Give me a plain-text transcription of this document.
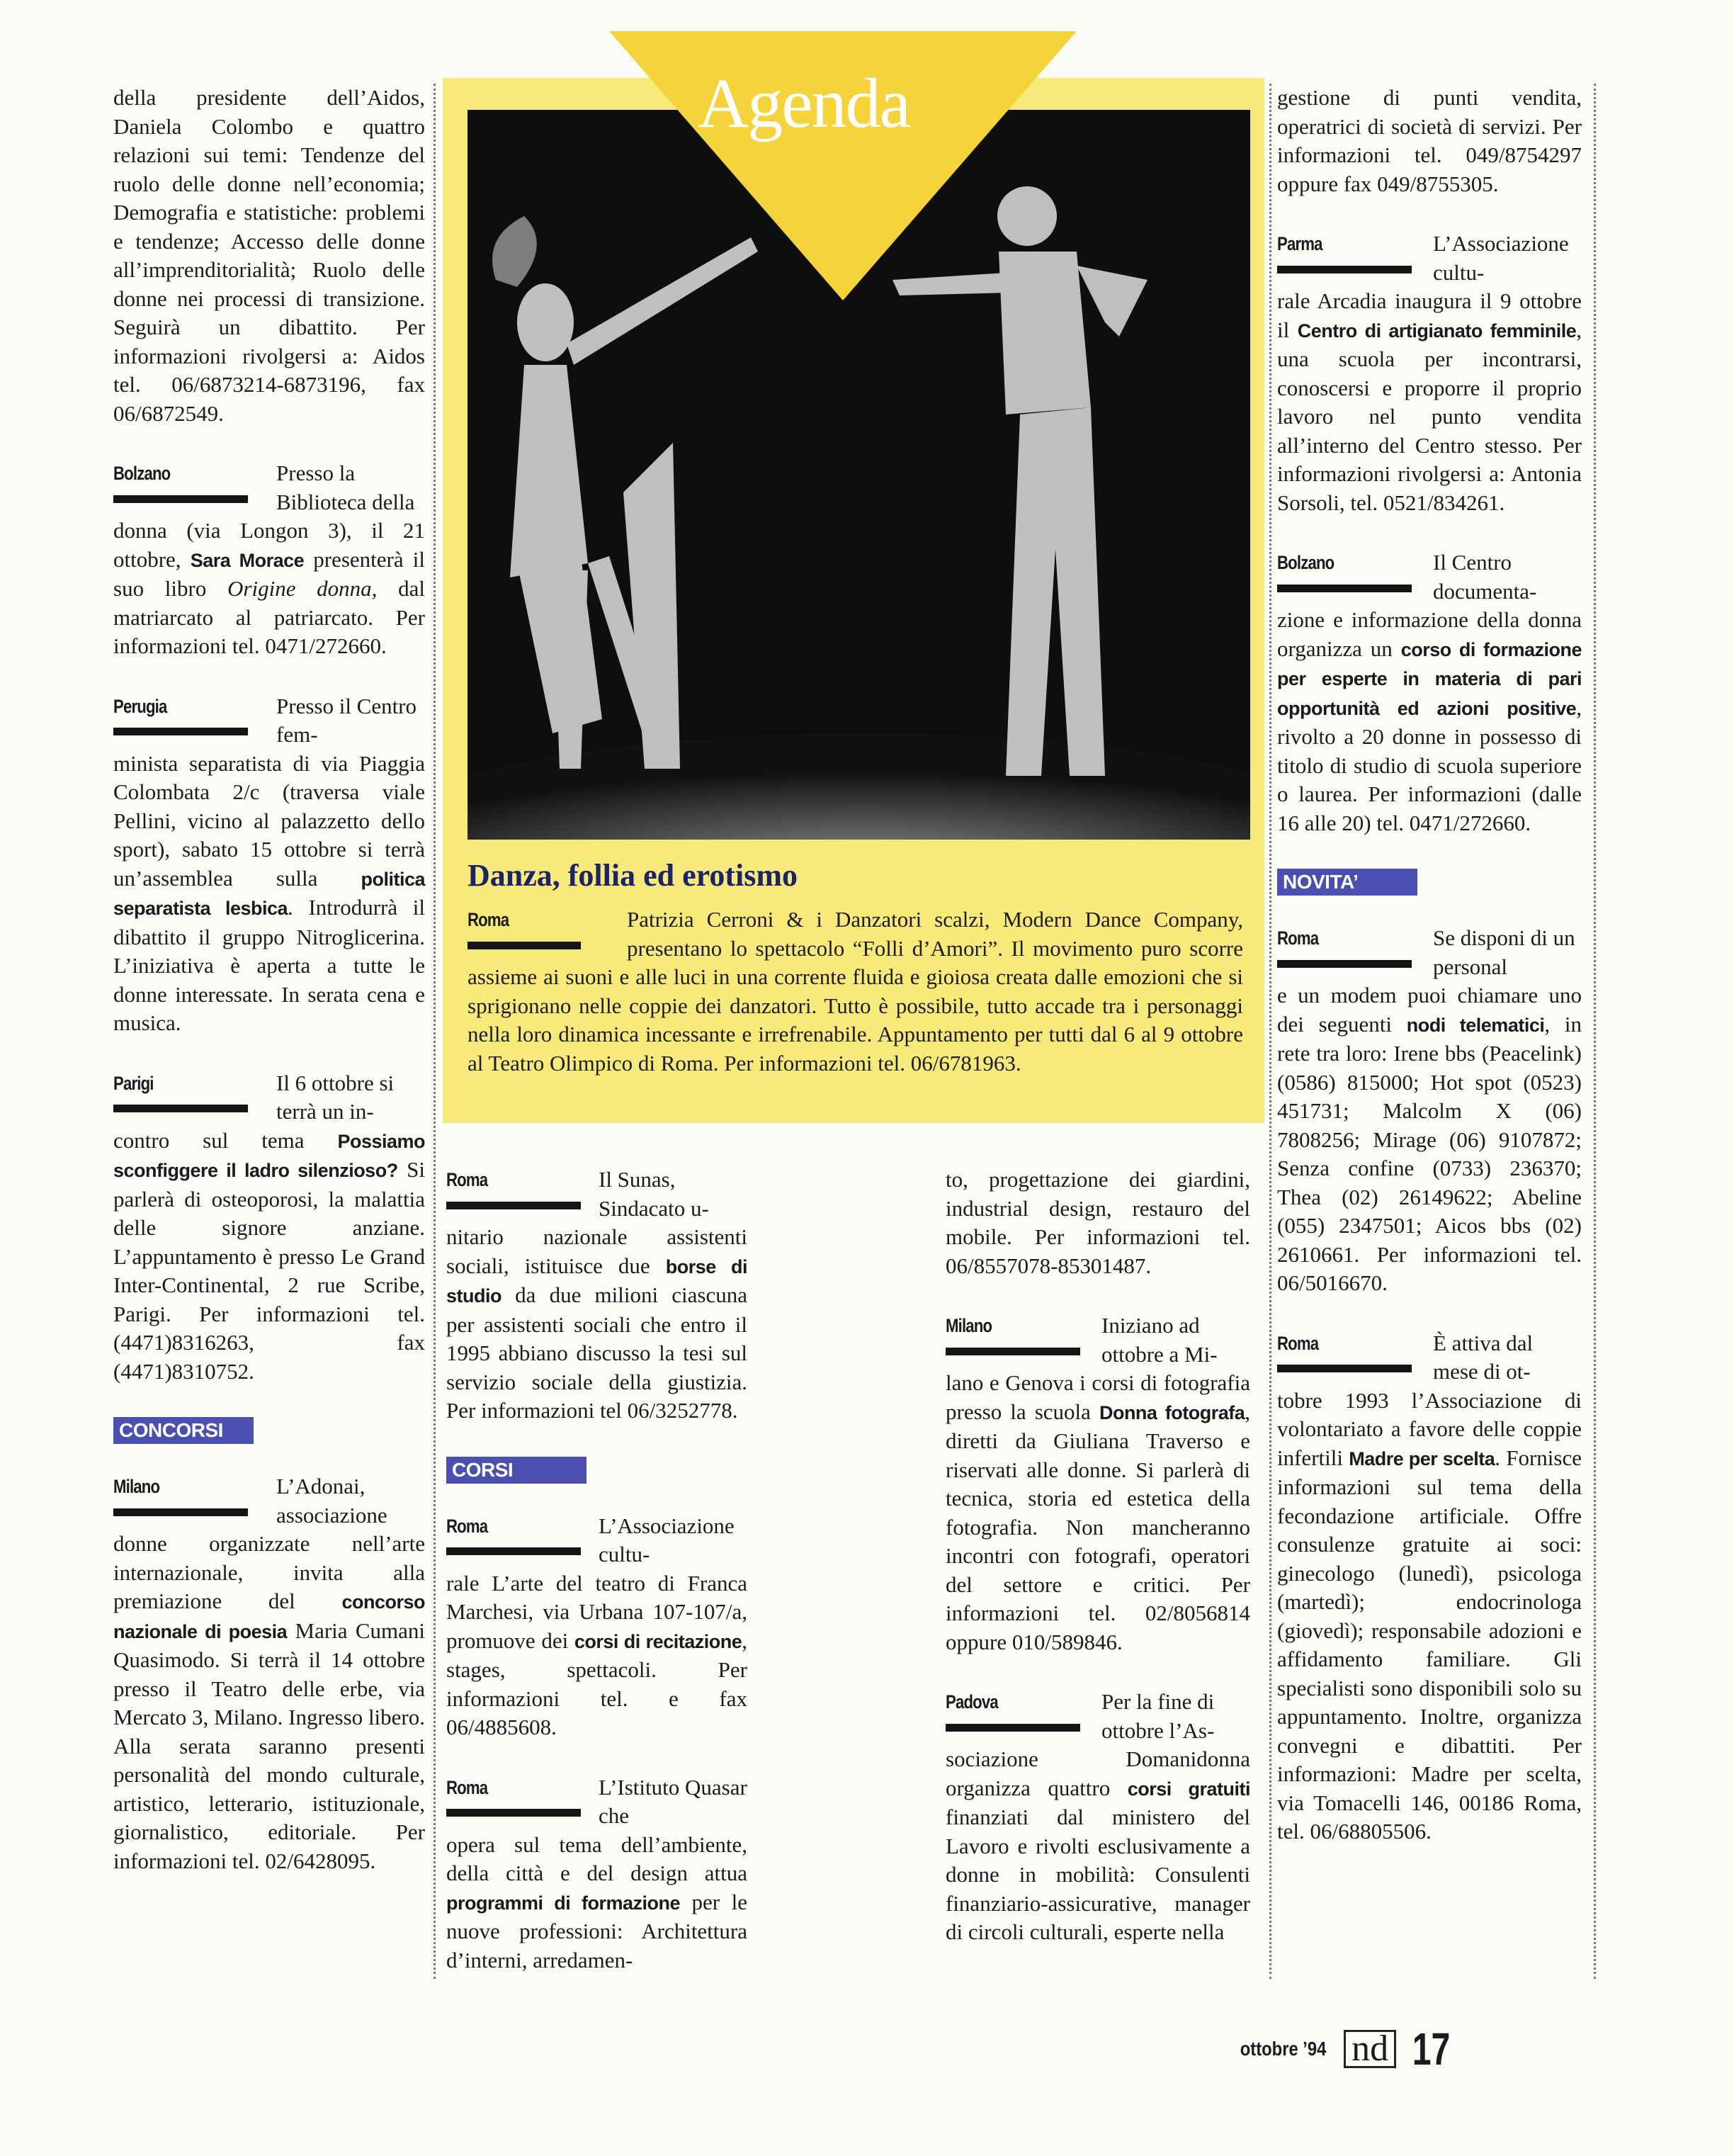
Agenda
Danza, follia ed erotismo
Roma	Patrizia Cerroni & i Danzatori scalzi, Modern Dance Company, presentano lo spettacolo “Folli d’Amori”. Il movimento puro scorre assieme ai suoni e alle luci in una corrente fluida e gioiosa creata dalle emozioni che si sprigionano nelle coppie dei danzatori. Tutto è possibile, tutto accade tra i personaggi nella loro dinamica incessante e irrefrenabile. Appuntamento per tutti dal 6 al 9 ottobre al Teatro Olimpico di Roma. Per informazioni tel. 06/6781963.

della presidente dell’Aidos, Daniela Colombo e quattro relazioni sui temi: Tendenze del ruolo delle donne nell’economia; Demografia e statistiche: problemi e tendenze; Accesso delle donne all’imprenditorialità; Ruolo delle donne nei processi di transizione. Seguirà un dibattito. Per informazioni rivolgersi a: Aidos tel. 06/6873214-6873196, fax 06/6872549.

Bolzano	Presso la Biblioteca della

donna (via Longon 3), il 21 ottobre, Sara Morace presenterà il suo libro Origine donna, dal matriarcato al patriarcato. Per informazioni tel. 0471/272660.

Perugia	Presso il Centro fem-

minista separatista di via Piaggia Colombata 2/c (traversa viale Pellini, vicino al palazzetto dello sport), sabato 15 ottobre si terrà un’assemblea sulla politica separatista lesbica. Introdurrà il dibattito il gruppo Nitroglicerina. L’iniziativa è aperta a tutte le donne interessate. In serata cena e musica.

Parigi	Il 6 ottobre si terrà un in-

contro sul tema Possiamo sconfiggere il ladro silenzioso? Si parlerà di osteoporosi, la malattia delle signore anziane. L’appuntamento è presso Le Grand Inter-Continental, 2 rue Scribe, Parigi. Per informazioni tel. (4471)8316263, fax (4471)8310752.

CONCORSI
Milano	L’Adonai, associazione

donne organizzate nell’arte internazionale, invita alla premiazione del concorso nazionale di poesia Maria Cumani Quasimodo. Si terrà il 14 ottobre presso il Teatro delle erbe, via Mercato 3, Milano. Ingresso libero. Alla serata saranno presenti personalità del mondo culturale, artistico, letterario, istituzionale, giornalistico, editoriale. Per informazioni tel. 02/6428095.

Roma	Il Sunas, Sindacato u-

nitario nazionale assistenti sociali, istituisce due borse di studio da due milioni ciascuna per assistenti sociali che entro il 1995 abbiano discusso la tesi sul servizio sociale della giustizia. Per informazioni tel 06/3252778.

CORSI
Roma	L’Associazione cultu-

rale L’arte del teatro di Franca Marchesi, via Urbana 107-107/a, promuove dei corsi di recitazione, stages, spettacoli. Per informazioni tel. e fax 06/4885608.

Roma	L’Istituto Quasar che

opera sul tema dell’ambiente, della città e del design attua programmi di formazione per le nuove professioni: Architettura d’interni, arredamen-

to, progettazione dei giardini, industrial design, restauro del mobile. Per informazioni tel. 06/8557078-85301487.

Milano	Iniziano ad ottobre a Mi-

lano e Genova i corsi di fotografia presso la scuola Donna fotografa, diretti da Giuliana Traverso e riservati alle donne. Si parlerà di tecnica, storia ed estetica della fotografia. Non mancheranno incontri con fotografi, operatori del settore e critici. Per informazioni tel. 02/8056814 oppure 010/589846.

Padova	Per la fine di ottobre l’As-

sociazione Domanidonna organizza quattro corsi gratuiti finanziati dal ministero del Lavoro e rivolti esclusivamente a donne in mobilità: Consulenti finanziario-assicurative, manager di circoli culturali, esperte nella

gestione di punti vendita, operatrici di società di servizi. Per informazioni tel. 049/8754297 oppure fax 049/8755305.

Parma	L’Associazione cultu-

rale Arcadia inaugura il 9 ottobre il Centro di artigianato femminile, una scuola per incontrarsi, conoscersi e proporre il proprio lavoro nel punto vendita all’interno del Centro stesso. Per informazioni rivolgersi a: Antonia Sorsoli, tel. 0521/834261.

Bolzano	Il Centro documenta-

zione e informazione della donna organizza un corso di formazione per esperte in materia di pari opportunità ed azioni positive, rivolto a 20 donne in possesso di titolo di studio di scuola superiore o laurea. Per informazioni (dalle 16 alle 20) tel. 0471/272660.

NOVITA’
Roma	Se disponi di un personal

e un modem puoi chiamare uno dei seguenti nodi telematici, in rete tra loro: Irene bbs (Peacelink) (0586) 815000; Hot spot (0523) 451731; Malcolm X (06) 7808256; Mirage (06) 9107872; Senza confine (0733) 236370; Thea (02) 26149622; Abeline (055) 2347501; Aicos bbs (02) 2610661. Per informazioni tel. 06/5016670.

Roma	È attiva dal mese di ot-

tobre 1993 l’Associazione di volontariato a favore delle coppie infertili Madre per scelta. Fornisce informazioni sul tema della fecondazione artificiale. Offre consulenze gratuite ai soci: ginecologo (lunedì), psicologa (martedì); endocrinologa (giovedì); responsabile adozioni e affidamento familiare. Gli specialisti sono disponibili solo su appuntamento. Inoltre, organizza convegni e dibattiti. Per informazioni: Madre per scelta, via Tomacelli 146, 00186 Roma, tel. 06/68805506.

ottobre ’94 nd 17
